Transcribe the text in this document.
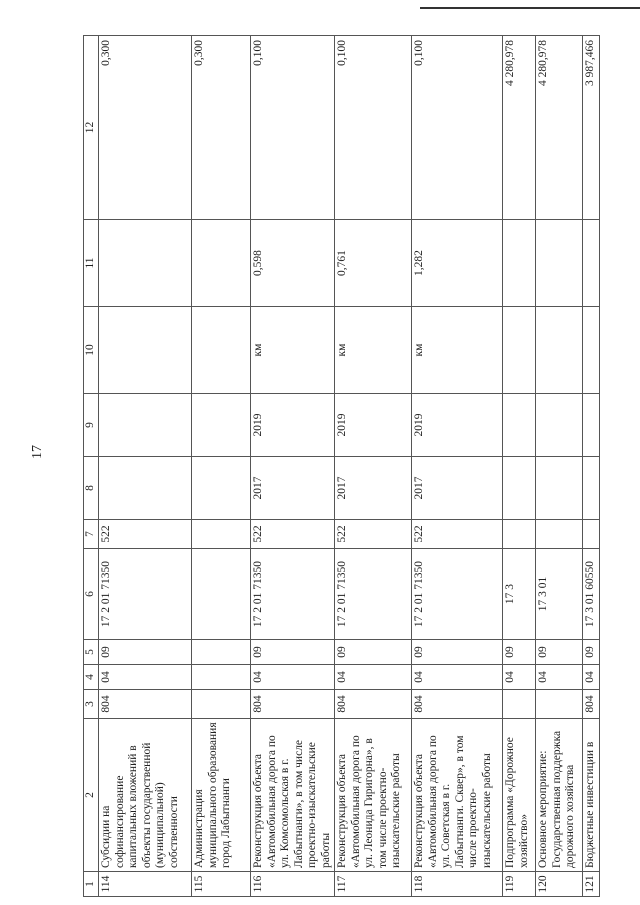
17
1	2	3	4	5	6	7	8	9	10	11	12
114	Субсидии на софинансирование капитальных вложений в объекты государственной (муниципальной) собственности	804	04	09	17 2 01 71350	522					0,300
115	Администрация муниципального образования город Лабытнанги										0,300
116	Реконструкция объекта «Автомобильная дорога по ул. Комсомольская в г. Лабытнанги», в том числе проектно-изыскательские работы	804	04	09	17 2 01 71350	522	2017	2019	км	0,598	0,100
117	Реконструкция объекта «Автомобильная дорога по ул. Леонида Гиригорна», в том числе проектно-изыскательские работы	804	04	09	17 2 01 71350	522	2017	2019	км	0,761	0,100
118	Реконструкция объекта «Автомобильная дорога по ул. Советская в г. Лабытнанги. Сквер», в том числе проектно-изыскательские работы	804	04	09	17 2 01 71350	522	2017	2019	км	1,282	0,100
119	Подпрограмма «Дорожное хозяйство»		04	09	17 3						4 280,978
120	Основное мероприятие: Государственная поддержка дорожного хозяйства		04	09	17 3 01						4 280,978
121	Бюджетные инвестиции в	804	04	09	17 3 01 60550						3 987,466
